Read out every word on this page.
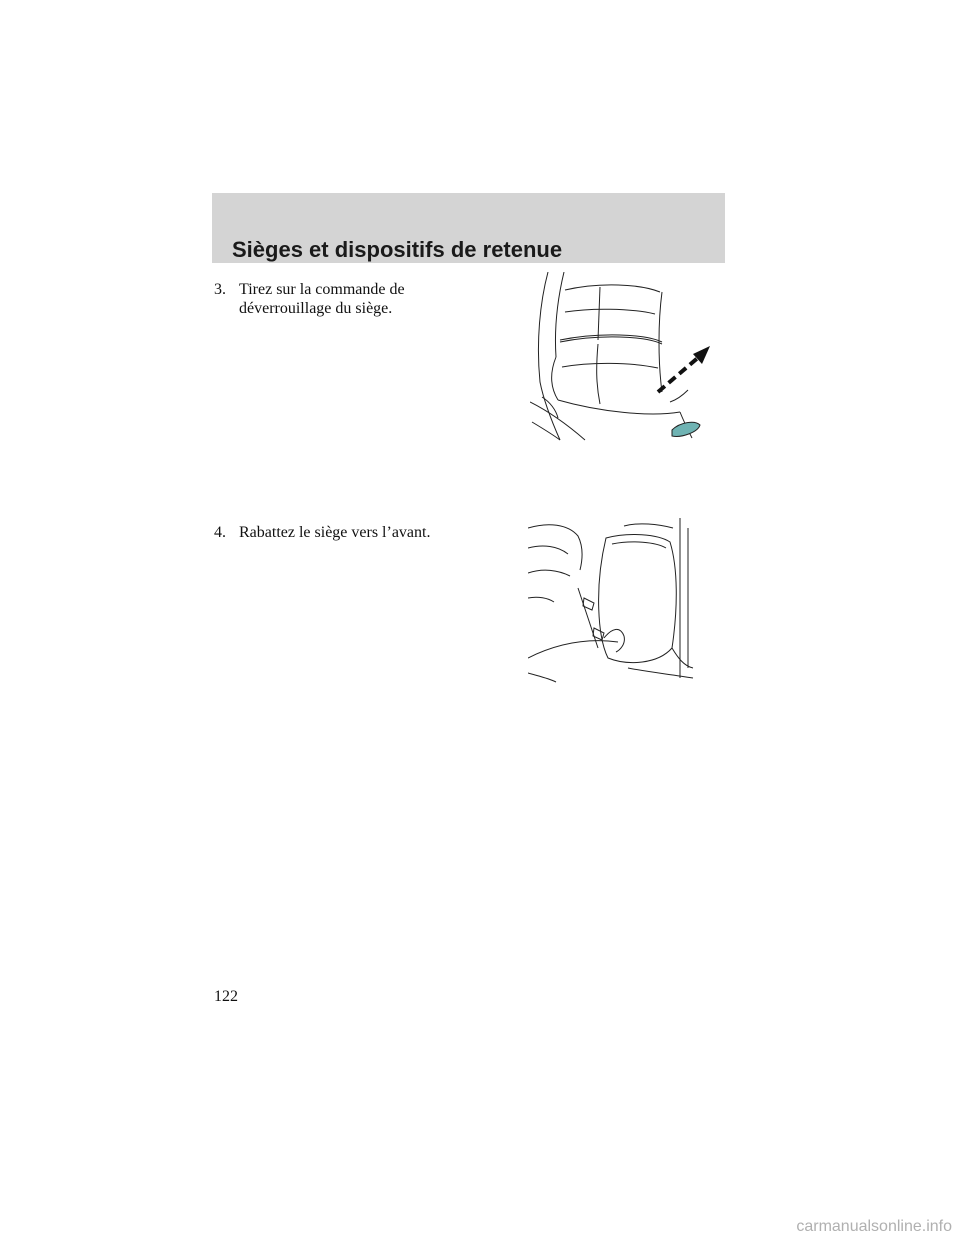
Sièges et dispositifs de retenue
3. Tirez sur la commande de
déverrouillage du siège.
4. Rabattez le siège vers l’avant.
122
carmanualsonline.info
